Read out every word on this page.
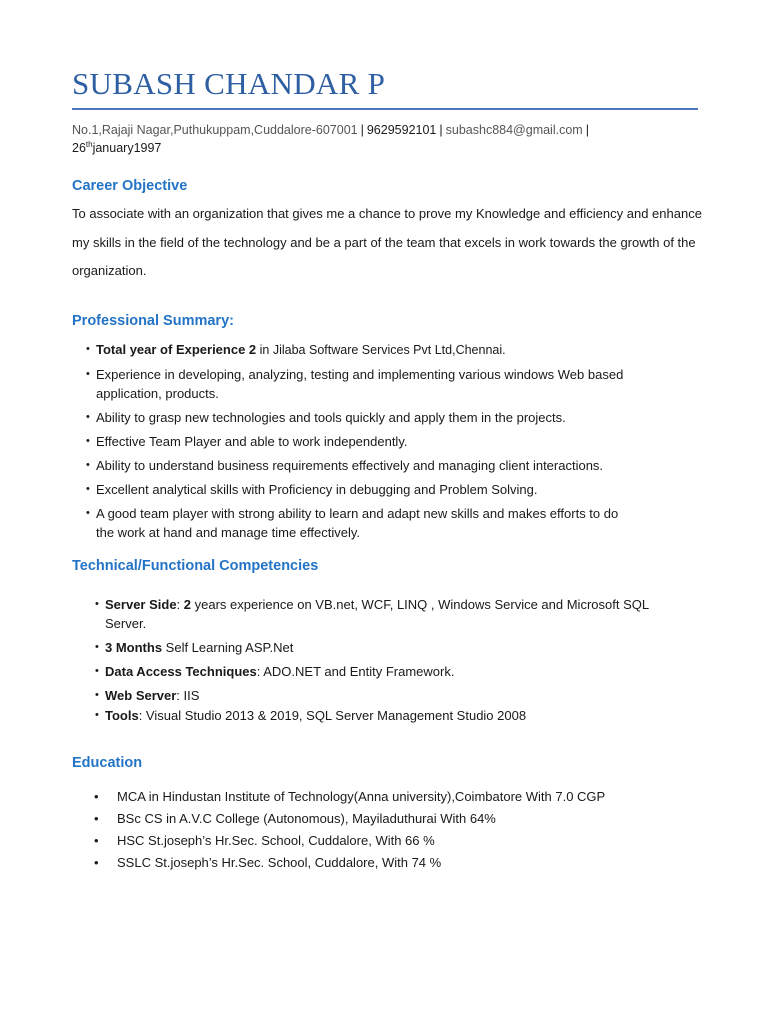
SUBASH CHANDAR P
No.1,Rajaji Nagar,Puthukuppam,Cuddalore-607001 | 9629592101 | subashc884@gmail.com |
26thjanuary1997
Career Objective

To associate with an organization that gives me a chance to prove my Knowledge and efficiency and enhance my skills in the field of the technology and be a part of the team that excels in work towards the growth of the organization.

Professional Summary:
• Total year of Experience 2 in Jilaba Software Services Pvt Ltd,Chennai.
• Experience in developing, analyzing, testing and implementing various windows Web based application, products.
• Ability to grasp new technologies and tools quickly and apply them in the projects.
• Effective Team Player and able to work independently.
• Ability to understand business requirements effectively and managing client interactions.
• Excellent analytical skills with Proficiency in debugging and Problem Solving.
• A good team player with strong ability to learn and adapt new skills and makes efforts to do the work at hand and manage time effectively.
Technical/Functional Competencies
• Server Side: 2 years experience on VB.net, WCF, LINQ , Windows Service and Microsoft SQL Server.
• 3 Months Self Learning ASP.Net
• Data Access Techniques: ADO.NET and Entity Framework.
• Web Server: IIS
• Tools: Visual Studio 2013 & 2019, SQL Server Management Studio 2008
Education
• MCA in Hindustan Institute of Technology(Anna university),Coimbatore With 7.0 CGP
• BSc CS in A.V.C College (Autonomous), Mayiladuthurai With 64%
• HSC St.joseph’s Hr.Sec. School, Cuddalore, With 66 %
• SSLC St.joseph’s Hr.Sec. School, Cuddalore, With 74 %
